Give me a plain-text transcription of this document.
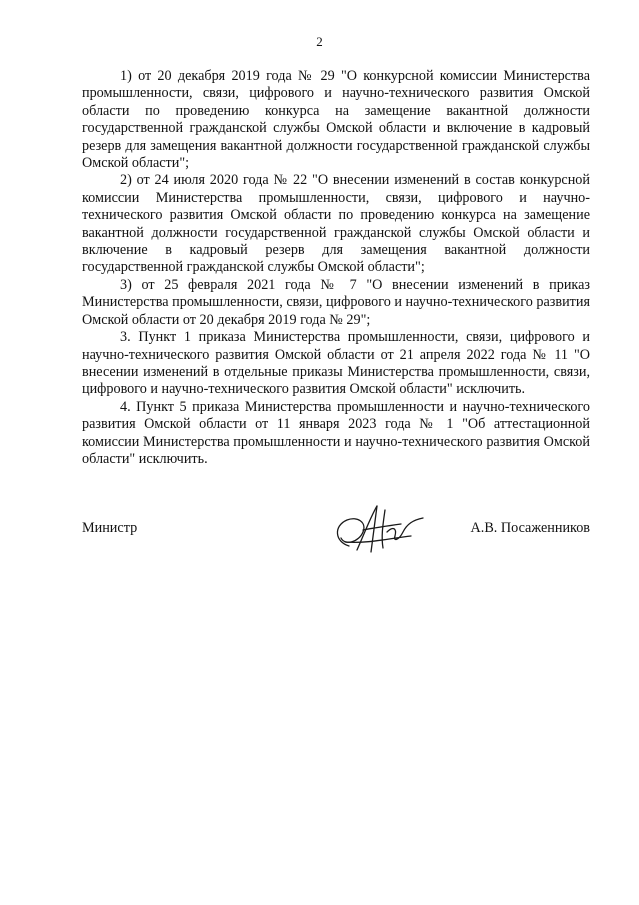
2

1) от 20 декабря 2019 года № 29 "О конкурсной комиссии Министерства промышленности, связи, цифрового и научно-технического развития Омской области по проведению конкурса на замещение вакантной должности государственной гражданской службы Омской области и включение в кадровый резерв для замещения вакантной должности государственной гражданской службы Омской области";

2) от 24 июля 2020 года № 22 "О внесении изменений в состав конкурсной комиссии Министерства промышленности, связи, цифрового и научно-технического развития Омской области по проведению конкурса на замещение вакантной должности государственной гражданской службы Омской области и включение в кадровый резерв для замещения вакантной должности государственной гражданской службы Омской области";

3) от 25 февраля 2021 года № 7 "О внесении изменений в приказ Министерства промышленности, связи, цифрового и научно-технического развития Омской области от 20 декабря 2019 года № 29";

3. Пункт 1 приказа Министерства промышленности, связи, цифрового и научно-технического развития Омской области от 21 апреля 2022 года № 11 "О внесении изменений в отдельные приказы Министерства промышленности, связи, цифрового и научно-технического развития Омской области" исключить.

4. Пункт 5 приказа Министерства промышленности и научно-технического развития Омской области от 11 января 2023 года № 1 "Об аттестационной комиссии Министерства промышленности и научно-технического развития Омской области" исключить.

Министр	А.В. Посаженников
